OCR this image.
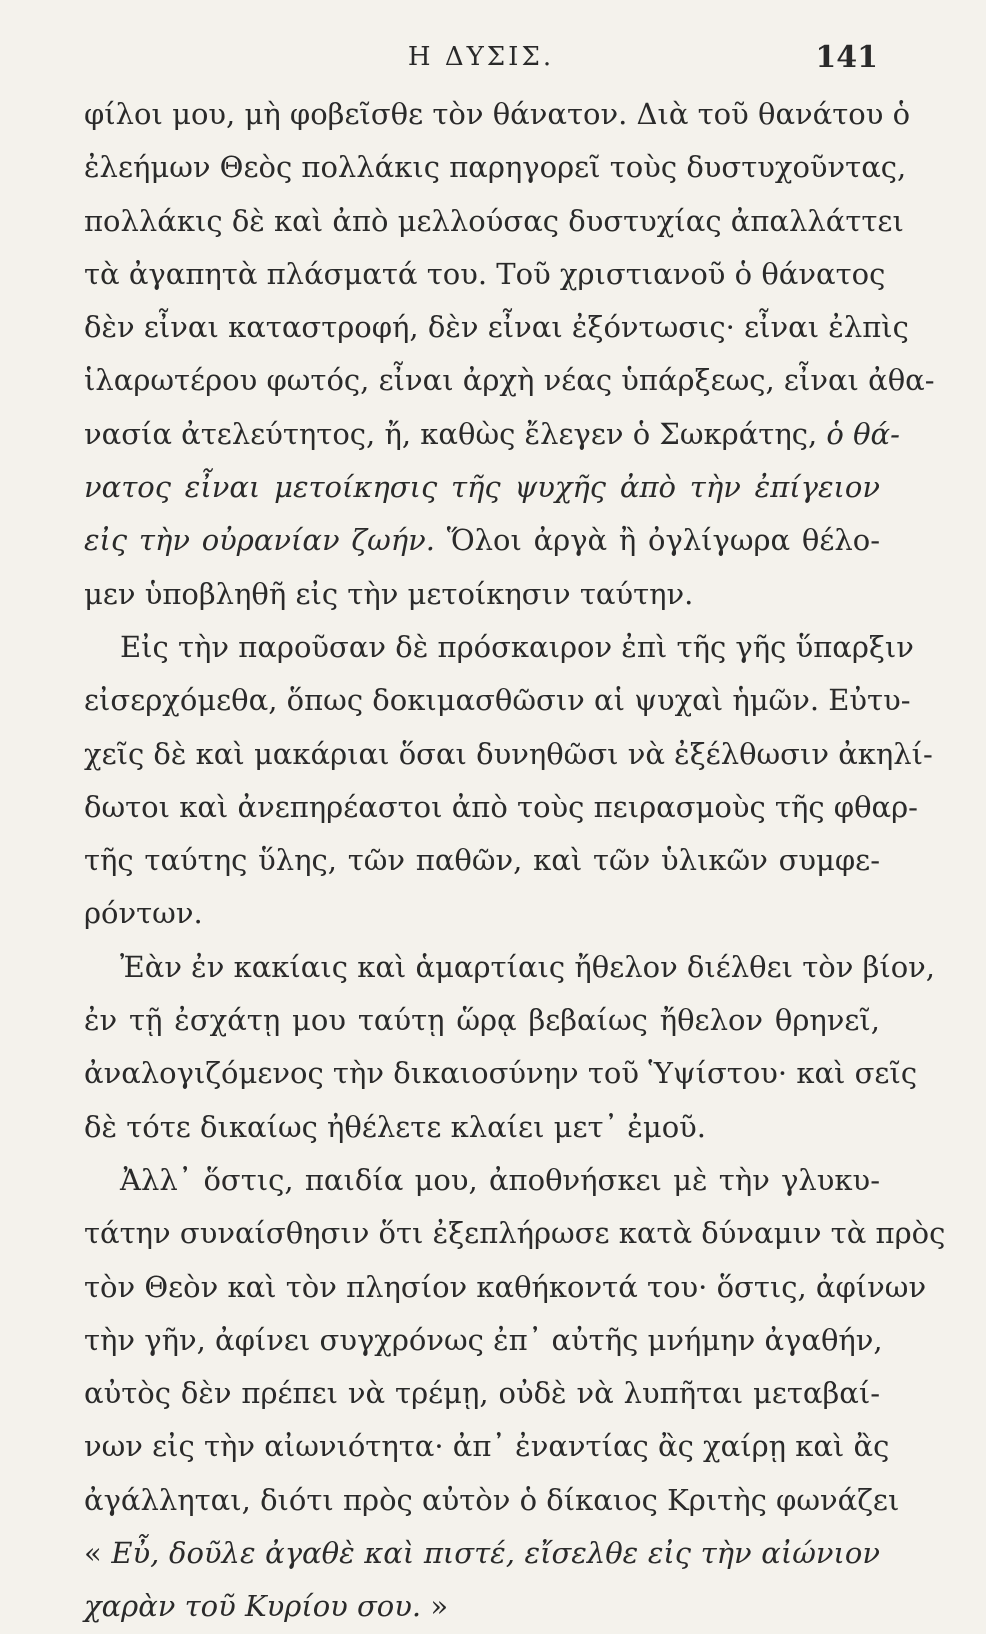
Η ΔΥΣΙΣ.	141
φίλοι μου, μὴ φοβεῖσθε τὸν θάνατον. Διὰ τοῦ θανάτου ὁ
ἐλεήμων Θεὸς πολλάκις παρηγορεῖ τοὺς δυστυχοῦντας,
πολλάκις δὲ καὶ ἀπὸ μελλούσας δυστυχίας ἀπαλλάττει
τὰ ἀγαπητὰ πλάσματά του. Τοῦ χριστιανοῦ ὁ θάνατος
δὲν εἶναι καταστροφή, δὲν εἶναι ἐξόντωσις· εἶναι ἐλπὶς
ἱλαρωτέρου φωτός, εἶναι ἀρχὴ νέας ὑπάρξεως, εἶναι ἀθα-
νασία ἀτελεύτητος, ἤ, καθὼς ἔλεγεν ὁ Σωκράτης, ὁ θά-
νατος εἶναι μετοίκησις τῆς ψυχῆς ἀπὸ τὴν ἐπίγειον
εἰς τὴν οὐρανίαν ζωήν. Ὅλοι ἀργὰ ἢ ὀγλίγωρα θέλο-
μεν ὑποβληθῆ εἰς τὴν μετοίκησιν ταύτην.
Εἰς τὴν παροῦσαν δὲ πρόσκαιρον ἐπὶ τῆς γῆς ὕπαρξιν
εἰσερχόμεθα, ὅπως δοκιμασθῶσιν αἱ ψυχαὶ ἡμῶν. Εὐτυ-
χεῖς δὲ καὶ μακάριαι ὅσαι δυνηθῶσι νὰ ἐξέλθωσιν ἀκηλί-
δωτοι καὶ ἀνεπηρέαστοι ἀπὸ τοὺς πειρασμοὺς τῆς φθαρ-
τῆς ταύτης ὕλης, τῶν παθῶν, καὶ τῶν ὑλικῶν συμφε-
ρόντων.
Ἐὰν ἐν κακίαις καὶ ἁμαρτίαις ἤθελον διέλθει τὸν βίον,
ἐν τῇ ἐσχάτῃ μου ταύτῃ ὥρᾳ βεβαίως ἤθελον θρηνεῖ,
ἀναλογιζόμενος τὴν δικαιοσύνην τοῦ Ὑψίστου· καὶ σεῖς
δὲ τότε δικαίως ἠθέλετε κλαίει μετ᾽ ἐμοῦ.
Ἀλλ᾽ ὅστις, παιδία μου, ἀποθνήσκει μὲ τὴν γλυκυ-
τάτην συναίσθησιν ὅτι ἐξεπλήρωσε κατὰ δύναμιν τὰ πρὸς
τὸν Θεὸν καὶ τὸν πλησίον καθήκοντά του· ὅστις, ἀφίνων
τὴν γῆν, ἀφίνει συγχρόνως ἐπ᾽ αὐτῆς μνήμην ἀγαθήν,
αὐτὸς δὲν πρέπει νὰ τρέμῃ, οὐδὲ νὰ λυπῆται μεταβαί-
νων εἰς τὴν αἰωνιότητα· ἀπ᾽ ἐναντίας ἂς χαίρῃ καὶ ἂς
ἀγάλληται, διότι πρὸς αὐτὸν ὁ δίκαιος Κριτὴς φωνάζει
« Εὖ, δοῦλε ἀγαθὲ καὶ πιστέ, εἴσελθε εἰς τὴν αἰώνιον
χαρὰν τοῦ Κυρίου σου. »
